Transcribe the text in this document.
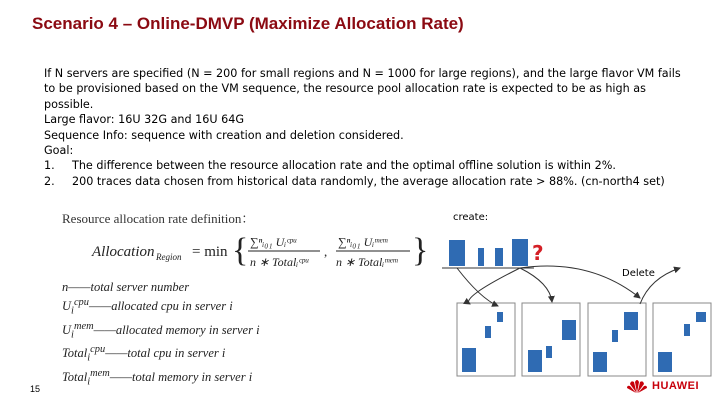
Scenario 4 – Online-DMVP (Maximize Allocation Rate)

If N servers are specified (N = 200 for small regions and N = 1000 for large regions), and the large flavor VM fails to be provisioned based on the VM sequence, the resource pool allocation rate is expected to be as high as possible.

Large flavor: 16U 32G and 16U 64G

Sequence Info: sequence with creation and deletion considered.

Goal:

1.	The difference between the resource allocation rate and the optimal offline solution is within 2%.
2.	200 traces data chosen from historical data randomly, the average allocation rate > 88%. (cn-north4 set)
Resource allocation rate definition：
Allocation Region = min { ∑ⁿᵢ₀₁ Uᵢᶜᵖᵘ
n ∗ Totalᵢᶜᵖᵘ
,
∑ⁿᵢ₀₁ Uᵢᵐᵉᵐ
n ∗ Totalᵢᵐᵉᵐ }
n——total server number
$U_i^{cpu}——allocated$ cpu in server i
$U_i^{mem}——allocated$ memory in server i
Total$_i^{cpu}$——total cpu in server i
Total$_i^{mem}$——total memory in server i
create:
Delete
?
15	HUAWEI
